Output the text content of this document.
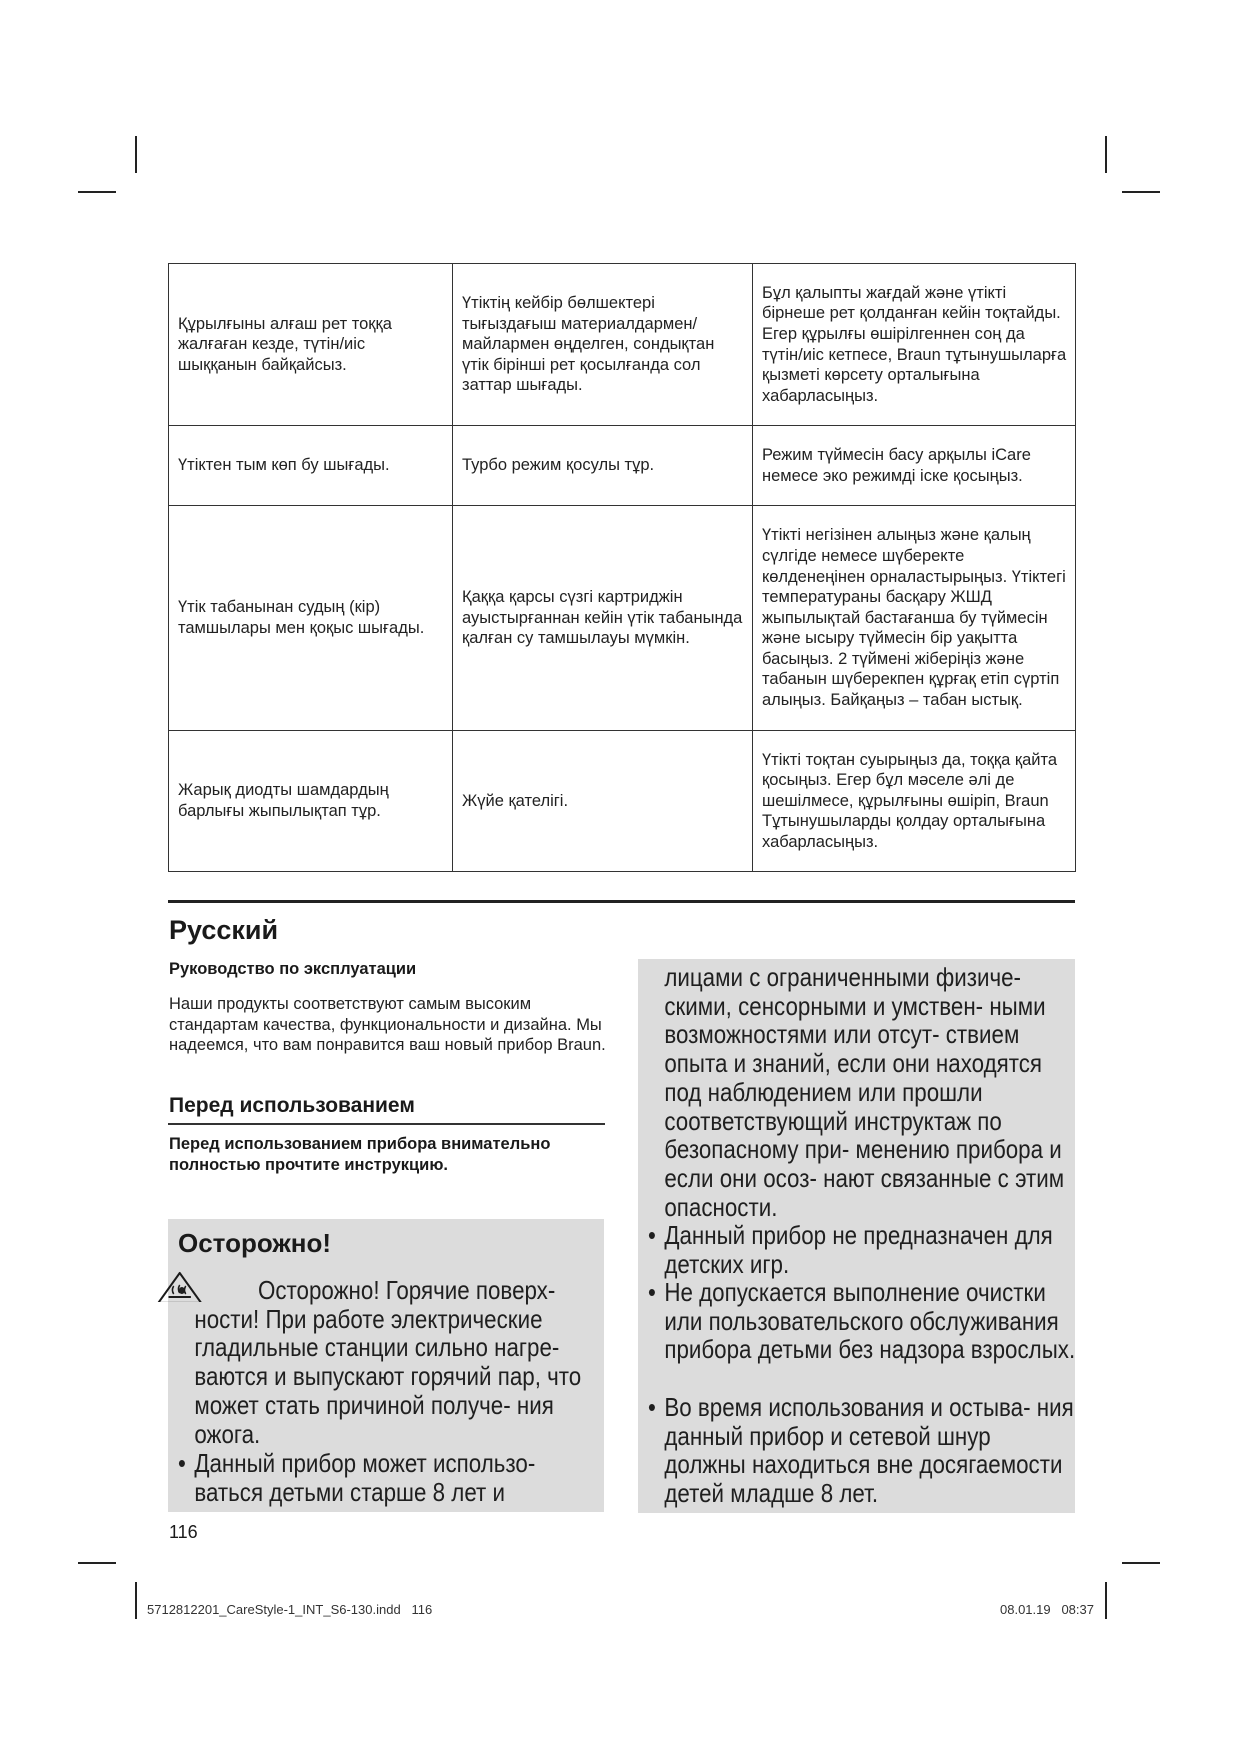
Құрылғыны алғаш рет тоққа жалғаған кезде, түтін/иіс шыққанын байқайсыз.	Үтіктің кейбір бөлшектері тығыздағыш материалдармен/ майлармен өңделген, сондықтан үтік бірінші рет қосылғанда сол заттар шығады.	Бұл қалыпты жағдай және үтікті бірнеше рет қолданған кейін тоқтайды. Егер құрылғы өшірілгеннен соң да түтін/иіс кетпесе, Braun тұтынушыларға қызметі көрсету орталығына хабарласыңыз.
Үтіктен тым көп бу шығады.	Турбо режим қосулы тұр.	Режим түймесін басу арқылы iCare немесе эко режимді іске қосыңыз.
Үтік табанынан судың (кір) тамшылары мен қоқыс шығады.	Қаққа қарсы сүзгі картриджін ауыстырғаннан кейін үтік табанында қалған су тамшылауы мүмкін.	Үтікті негізінен алыңыз және қалың сүлгіде немесе шүберекте көлденеңінен орналастырыңыз. Үтіктегі температураны басқару ЖШД жыпылықтай бастағанша бу түймесін және ысыру түймесін бір уақытта басыңыз. 2 түймені жіберіңіз және табанын шүберекпен құрғақ етіп сүртіп алыңыз. Байқаңыз – табан ыстық.
Жарық диодты шамдардың барлығы жыпылықтап тұр.	Жүйе қателігі.	Үтікті тоқтан суырыңыз да, тоққа қайта қосыңыз. Егер бұл мәселе әлі де шешілмесе, құрылғыны өшіріп, Braun Тұтынушыларды қолдау орталығына хабарласыңыз.
Русский

Руководство по эксплуатации

Наши продукты соответствуют самым высоким стандартам качества, функциональности и дизайна. Мы надеемся, что вам понравится ваш новый прибор Braun.

Перед использованием

Перед использованием прибора внимательно полностью прочтите инструкцию.

Осторожно!
•	Осторожно! Горячие поверх- ности! При работе электрические гладильные станции сильно нагре- ваются и выпускают горячий пар, что может стать причиной получе- ния ожога.
• Данный прибор может использо- ваться детьми старше 8 лет и
лицами с ограниченными физиче- скими, сенсорными и умствен- ными возможностями или отсут- ствием опыта и знаний, если они находятся под наблюдением или прошли соответствующий инструктаж по безопасному при- менению прибора и если они осоз- нают связанные с этим опасности.
• Данный прибор не предназначен для детских игр.
• Не допускается выполнение очистки или пользовательского обслуживания прибора детьми без надзора взрослых.
• Во время использования и остыва- ния данный прибор и сетевой шнур должны находиться вне досягаемости детей младше 8 лет.

116

5712812201_CareStyle-1_INT_S6-130.indd   116	08.01.19   08:37
